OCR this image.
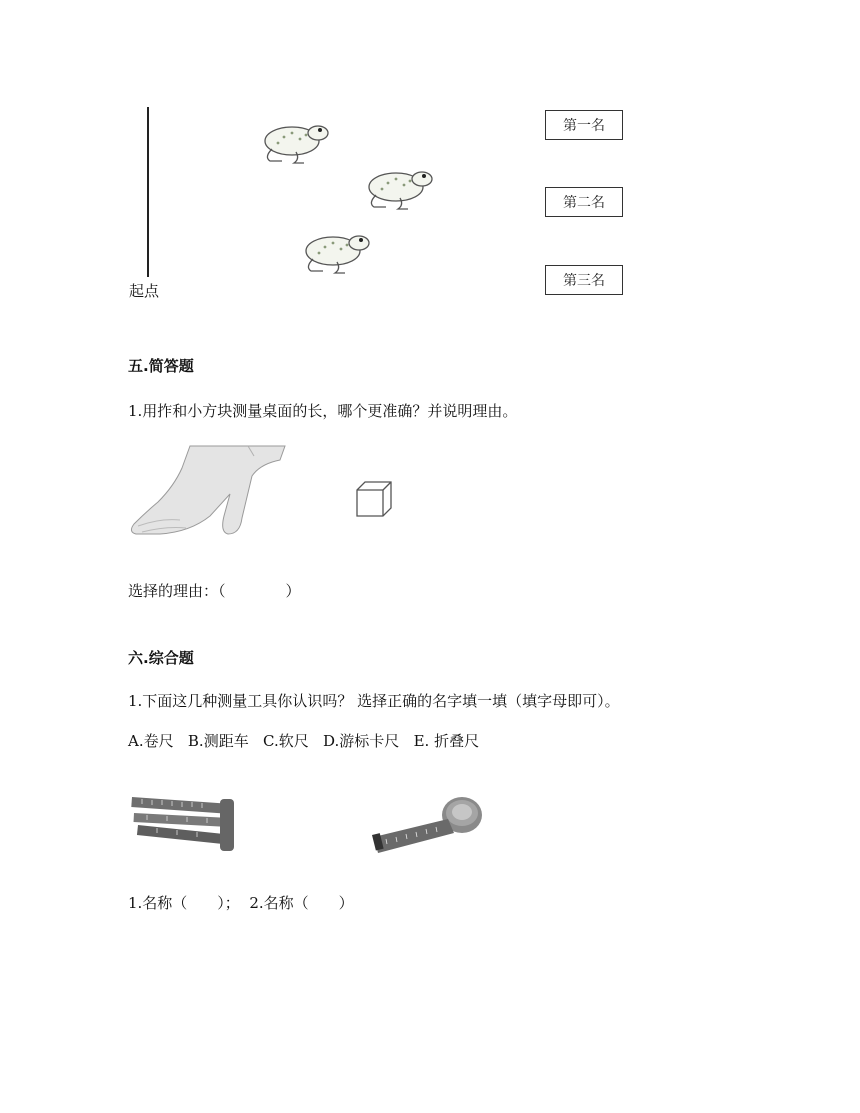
起点
第一名
第二名
第三名
五.简答题
1.用拃和小方块测量桌面的长，哪个更准确？并说明理由。
选择的理由：（　　　　）
六.综合题
1.下面这几种测量工具你认识吗？ 选择正确的名字填一填（填字母即可）。
A.卷尺   B.测距车   C.软尺   D.游标卡尺   E. 折叠尺
1.名称（　　）；  2.名称（　　）
